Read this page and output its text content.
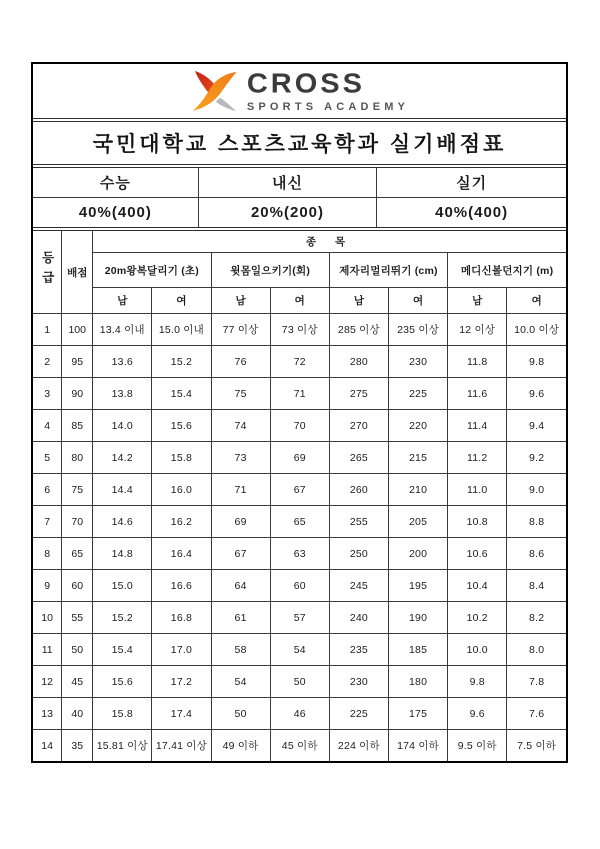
CROSS
SPORTS ACADEMY
국민대학교 스포츠교육학과 실기배점표
수능	내신	실기
40%(400)	20%(200)	40%(400)
등급	배점	종 목							
		20m왕복달리기 (초)		윗몸일으키기(회)		제자리멀리뛰기 (cm)		메디신볼던지기 (m)	
		남	여	남	여	남	여	남	여
1	100	13.4 이내	15.0 이내	77 이상	73 이상	285 이상	235 이상	12 이상	10.0 이상
2	95	13.6	15.2	76	72	280	230	11.8	9.8
3	90	13.8	15.4	75	71	275	225	11.6	9.6
4	85	14.0	15.6	74	70	270	220	11.4	9.4
5	80	14.2	15.8	73	69	265	215	11.2	9.2
6	75	14.4	16.0	71	67	260	210	11.0	9.0
7	70	14.6	16.2	69	65	255	205	10.8	8.8
8	65	14.8	16.4	67	63	250	200	10.6	8.6
9	60	15.0	16.6	64	60	245	195	10.4	8.4
10	55	15.2	16.8	61	57	240	190	10.2	8.2
11	50	15.4	17.0	58	54	235	185	10.0	8.0
12	45	15.6	17.2	54	50	230	180	9.8	7.8
13	40	15.8	17.4	50	46	225	175	9.6	7.6
14	35	15.81 이상	17.41 이상	49 이하	45 이하	224 이하	174 이하	9.5 이하	7.5 이하
